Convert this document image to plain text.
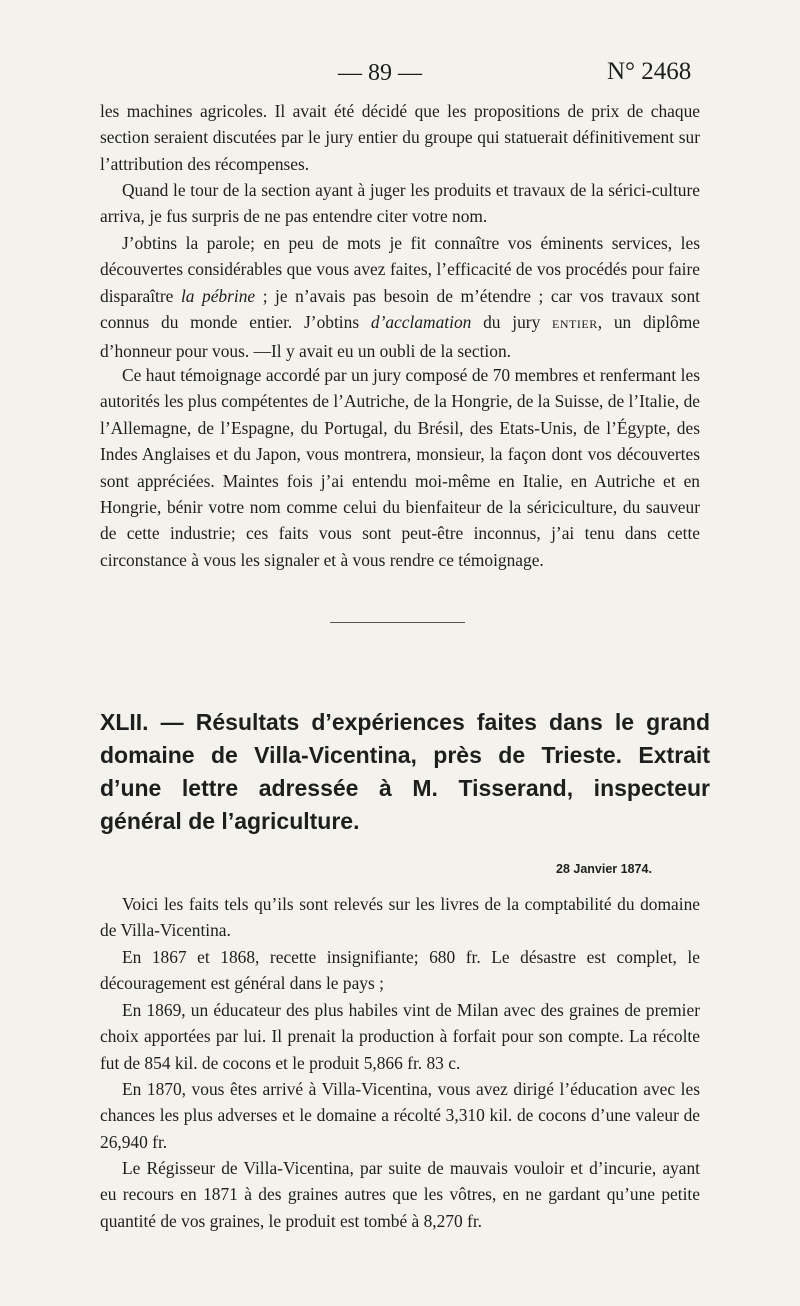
— 89 —	N° 2468

les machines agricoles. Il avait été décidé que les propositions de prix de chaque section seraient discutées par le jury entier du groupe qui statuerait définitivement sur l’attribution des récompenses.

Quand le tour de la section ayant à juger les produits et travaux de la sérici-culture arriva, je fus surpris de ne pas entendre citer votre nom.

J’obtins la parole; en peu de mots je fit connaître vos éminents services, les découvertes considérables que vous avez faites, l’efficacité de vos procédés pour faire disparaître la pébrine ; je n’avais pas besoin de m’étendre ; car vos travaux sont connus du monde entier. J’obtins d’acclamation du jury ENTIER, un diplôme d’honneur pour vous. —Il y avait eu un oubli de la section.

Ce haut témoignage accordé par un jury composé de 70 membres et renfermant les autorités les plus compétentes de l’Autriche, de la Hongrie, de la Suisse, de l’Italie, de l’Allemagne, de l’Espagne, du Portugal, du Brésil, des Etats-Unis, de l’Égypte, des Indes Anglaises et du Japon, vous montrera, monsieur, la façon dont vos découvertes sont appréciées. Maintes fois j’ai entendu moi-même en Italie, en Autriche et en Hongrie, bénir votre nom comme celui du bienfaiteur de la sériciculture, du sauveur de cette industrie; ces faits vous sont peut-être inconnus, j’ai tenu dans cette circonstance à vous les signaler et à vous rendre ce témoignage.

XLII. — Résultats d’expériences faites dans le grand domaine de Villa-Vicentina, près de Trieste. Extrait d’une lettre adressée à M. Tisserand, inspecteur général de l’agriculture.
28 Janvier 1874.

Voici les faits tels qu’ils sont relevés sur les livres de la comptabilité du domaine de Villa-Vicentina.

En 1867 et 1868, recette insignifiante; 680 fr. Le désastre est complet, le découragement est général dans le pays ;

En 1869, un éducateur des plus habiles vint de Milan avec des graines de premier choix apportées par lui. Il prenait la production à forfait pour son compte. La récolte fut de 854 kil. de cocons et le produit 5,866 fr. 83 c.

En 1870, vous êtes arrivé à Villa-Vicentina, vous avez dirigé l’éducation avec les chances les plus adverses et le domaine a récolté 3,310 kil. de cocons d’une valeur de 26,940 fr.

Le Régisseur de Villa-Vicentina, par suite de mauvais vouloir et d’incurie, ayant eu recours en 1871 à des graines autres que les vôtres, en ne gardant qu’une petite quantité de vos graines, le produit est tombé à 8,270 fr.
